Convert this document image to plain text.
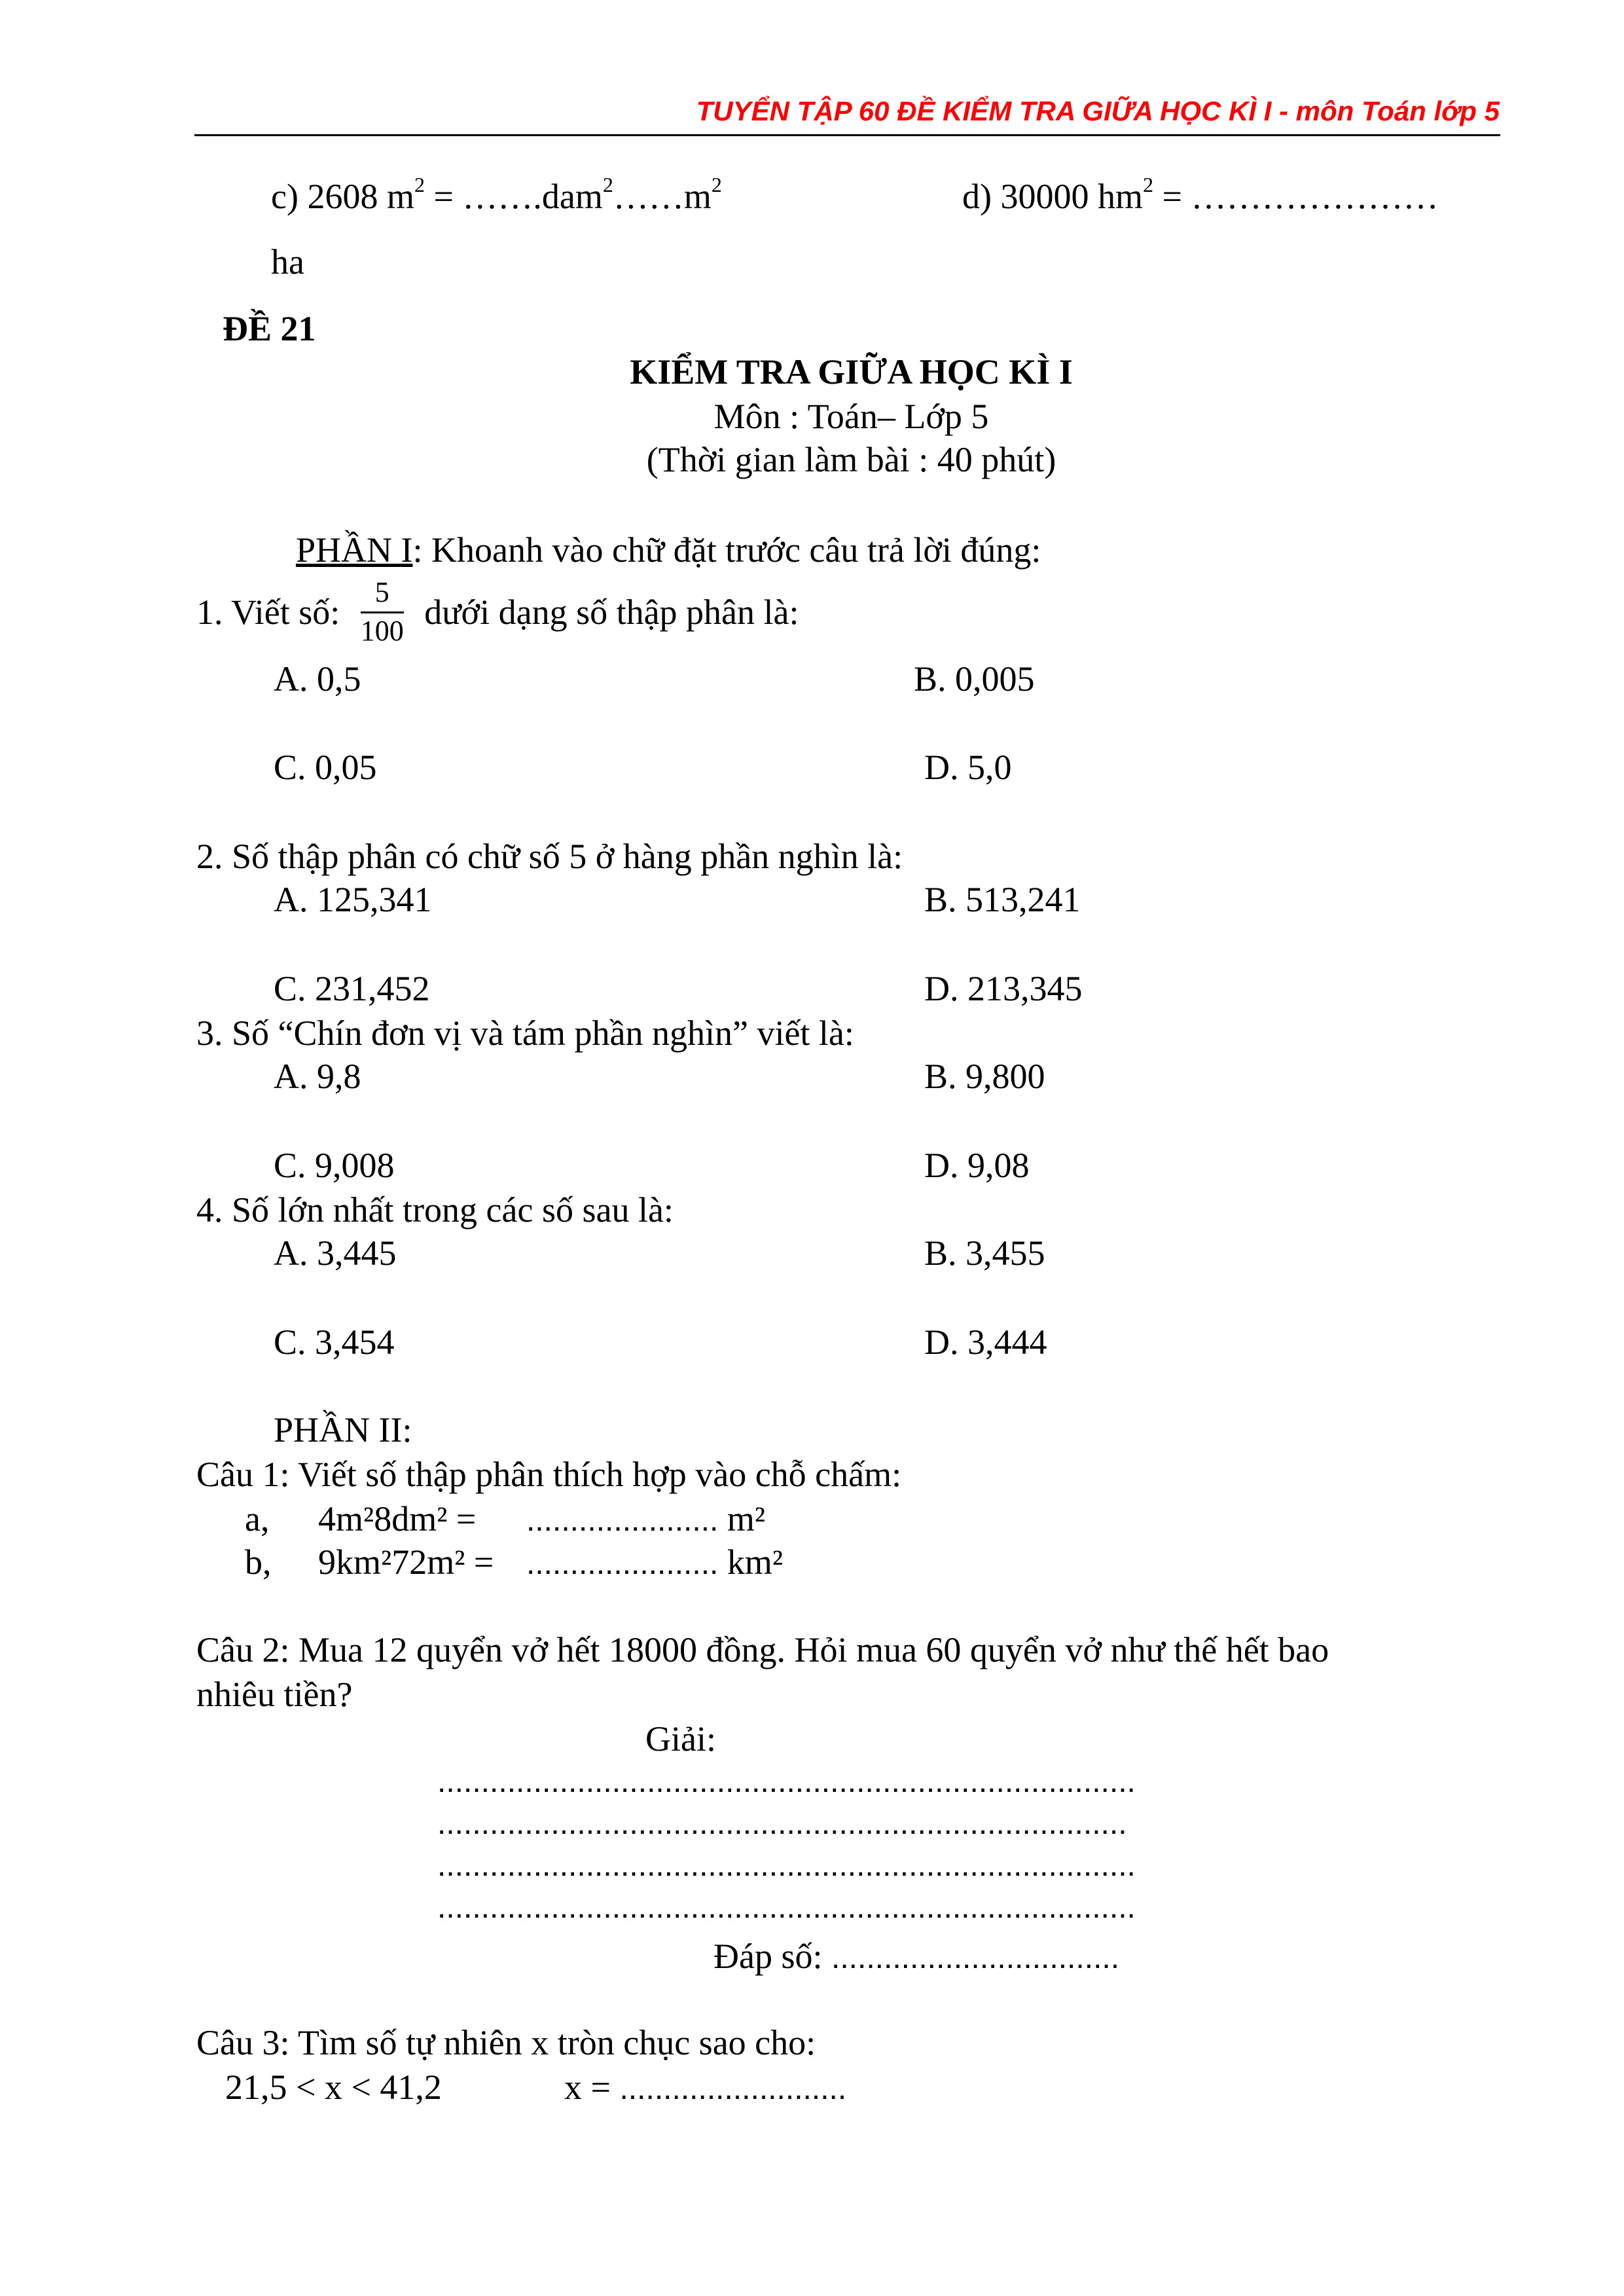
TUYỂN TẬP 60 ĐỀ KIỂM TRA GIỮA HỌC KÌ I - môn Toán lớp 5
c) 2608 $m^2$ = $\dots\dots.dam^2\dots\dots m^2$	d) 30000 $hm^2$ = …………………
ha
ĐỀ 21
KIỂM TRA GIỮA HỌC KÌ I
Môn : Toán– Lớp 5
(Thời gian làm bài : 40 phút)
PHẦN I: Khoanh vào chữ đặt trước câu trả lời đúng:
1. Viết số: $\frac{5}{100}$ dưới dạng số thập phân là:
A. 0,5	B. 0,005
C. 0,05	D. 5,0
2. Số thập phân có chữ số 5 ở hàng phần nghìn là:
A. 125,341	B. 513,241
C. 231,452	D. 213,345
3. Số “Chín đơn vị và tám phần nghìn” viết là:
A. 9,8	B. 9,800
C. 9,008	D. 9,08
4. Số lớn nhất trong các số sau là:
A. 3,445	B. 3,455
C. 3,454	D. 3,444
PHẦN II:
Câu 1: Viết số thập phân thích hợp vào chỗ chấm:
a, 4m²8dm² = ...................... m²
b, 9km²72m² = ...................... km²
Câu 2: Mua 12 quyển vở hết 18000 đồng. Hỏi mua 60 quyển vở như thế hết bao
nhiêu tiền?
Giải:
................................................................................
...............................................................................
................................................................................
................................................................................
Đáp số: .................................
Câu 3: Tìm số tự nhiên x tròn chục sao cho:
21,5 < x < 41,2	x = ..........................
